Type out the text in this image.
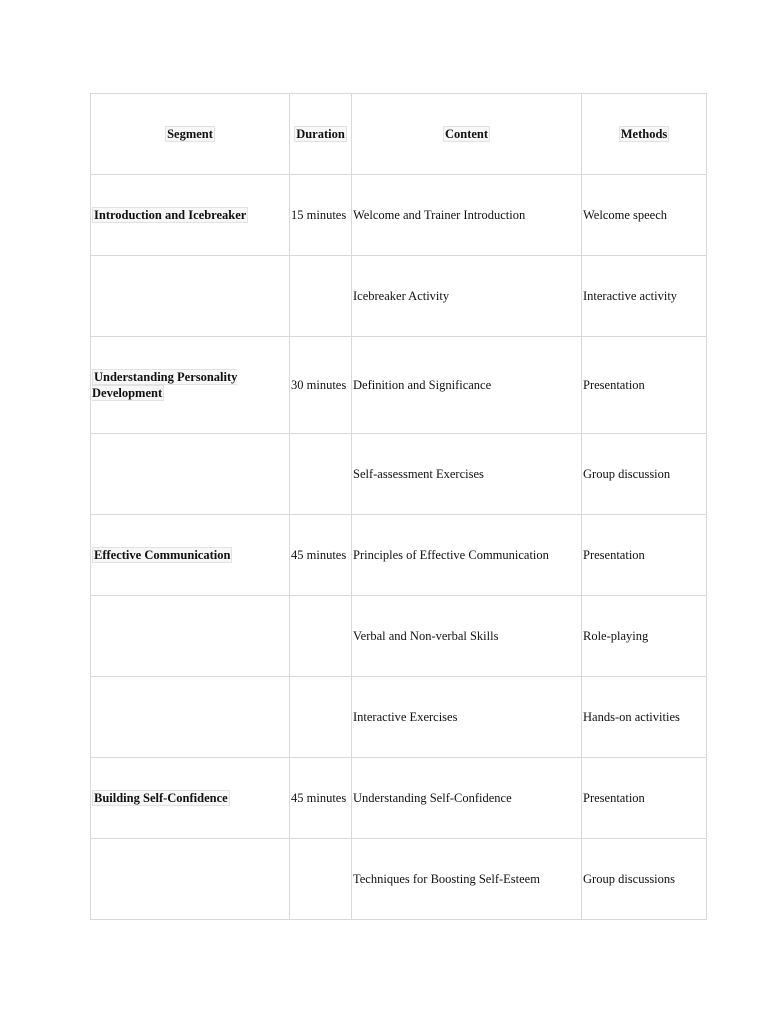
Segment	Duration	Content	Methods
Introduction and Icebreaker	15 minutes	Welcome and Trainer Introduction	Welcome speech
		Icebreaker Activity	Interactive activity
Understanding Personality Development	30 minutes	Definition and Significance	Presentation
		Self-assessment Exercises	Group discussion
Effective Communication	45 minutes	Principles of Effective Communication	Presentation
		Verbal and Non-verbal Skills	Role-playing
		Interactive Exercises	Hands-on activities
Building Self-Confidence	45 minutes	Understanding Self-Confidence	Presentation
		Techniques for Boosting Self-Esteem	Group discussions
